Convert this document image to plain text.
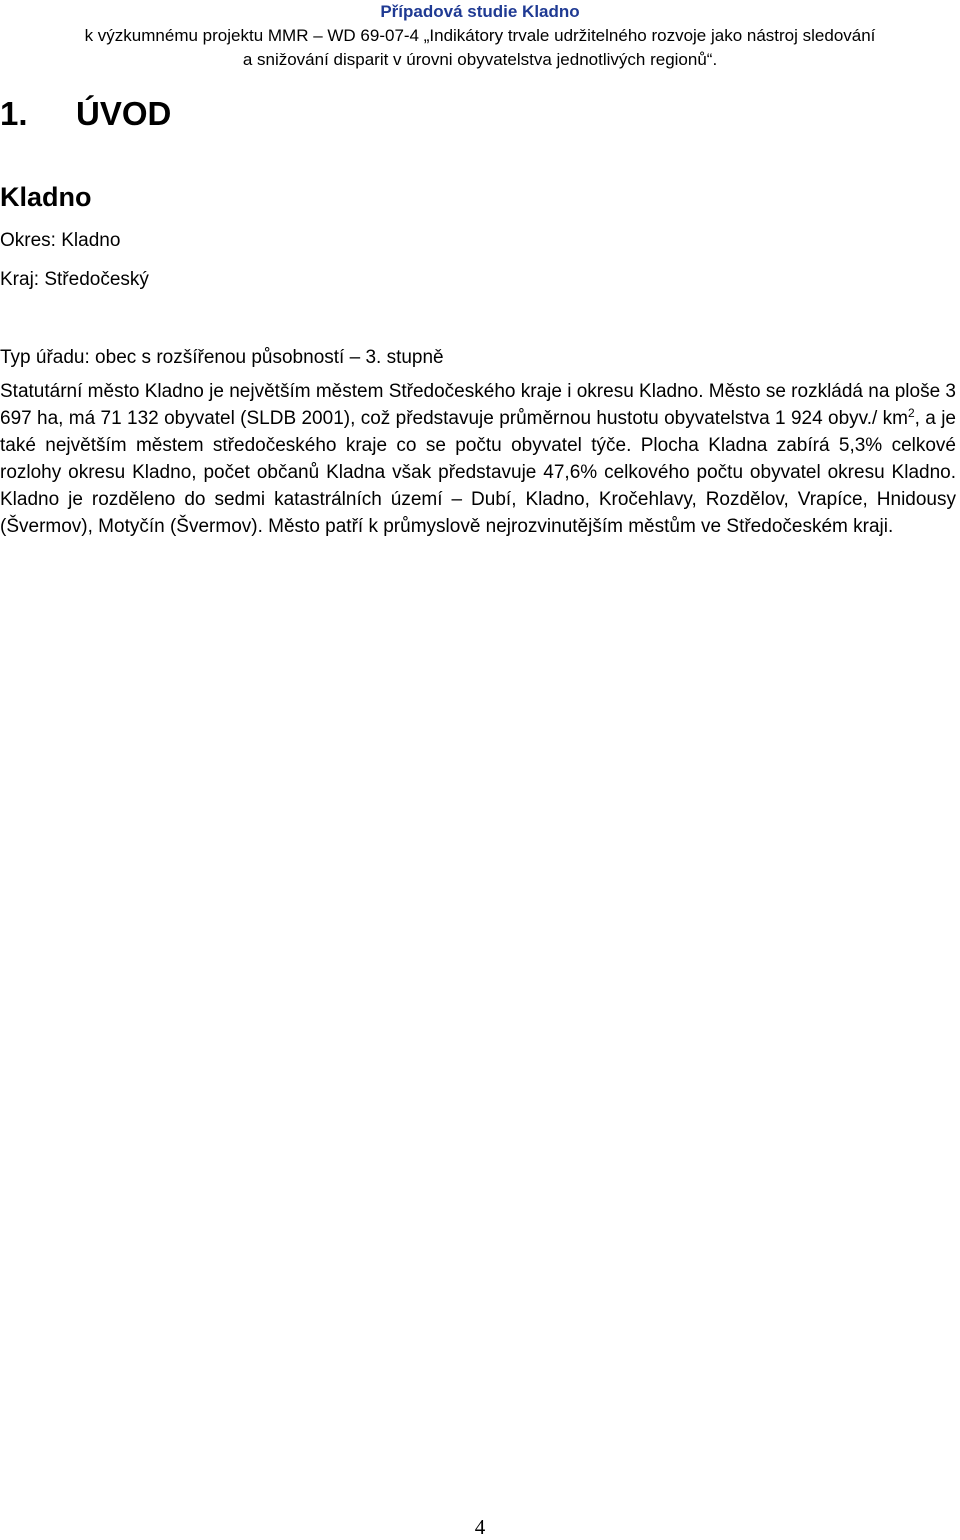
Případová studie Kladno
k výzkumnému projektu MMR – WD 69-07-4 „Indikátory trvale udržitelného rozvoje jako nástroj sledování
a snižování disparit v úrovni obyvatelstva jednotlivých regionů“.
1. ÚVOD
Kladno
Okres: Kladno
Kraj: Středočeský
Typ úřadu: obec s rozšířenou působností – 3. stupně

Statutární město Kladno je největším městem Středočeského kraje i okresu Kladno. Město se rozkládá na ploše 3 697 ha, má 71 132 obyvatel (SLDB 2001), což představuje průměrnou hustotu obyvatelstva 1 924 obyv./ $km^2$, a je také největším městem středočeského kraje co se počtu obyvatel týče. Plocha Kladna zabírá 5,3% celkové rozlohy okresu Kladno, počet občanů Kladna však představuje 47,6% celkového počtu obyvatel okresu Kladno. Kladno je rozděleno do sedmi katastrálních území – Dubí, Kladno, Kročehlavy, Rozdělov, Vrapíce, Hnidousy (Švermov), Motyčín (Švermov). Město patří k průmyslově nejrozvinutějším městům ve Středočeském kraji.

4
